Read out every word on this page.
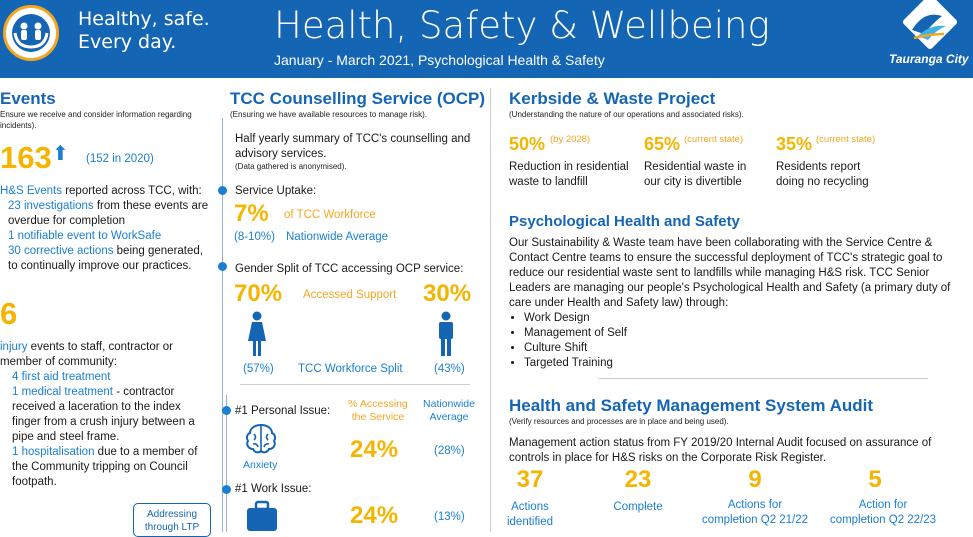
Healthy, safe.
Every day.	Health, Safety & Wellbeing
January - March 2021, Psychological Health & Safety	Tauranga City
Events
Ensure we receive and consider information regarding
incidents).
163 ⬆ (152 in 2020)
H&S Events reported across TCC, with:
23 investigations from these events are
overdue for completion
1 notifiable event to WorkSafe
30 corrective actions being generated,
to continually improve our practices.
6
injury events to staff, contractor or
member of community:
4 first aid treatment
1 medical treatment - contractor
received a laceration to the index
finger from a crush injury between a
pipe and steel frame.
1 hospitalisation due to a member of
the Community tripping on Council
footpath.
Addressing
through LTP
TCC Counselling Service (OCP)
(Ensuring we have available resources to manage risk).
Half yearly summary of TCC's counselling and
advisory services.
(Data gathered is anonymised).
Service Uptake:
7% of TCC Workforce
(8-10%) Nationwide Average
Gender Split of TCC accessing OCP service:
70% Accessed Support 30%
(57%) TCC Workforce Split	(43%)
#1 Personal Issue:
% Accessing
the Service
Nationwide
Average
Anxiety
24%	(28%)
#1 Work Issue:
24%	(13%)
Kerbside & Waste Project
(Understanding the nature of our operations and associated risks).
50% (by 2028)
Reduction in residential
waste to landfill
65% (current state)
Residential waste in
our city is divertible
35% (current state)
Residents report
doing no recycling
Psychological Health and Safety
Our Sustainability & Waste team have been collaborating with the Service Centre &
Contact Centre teams to ensure the successful deployment of TCC's strategic goal to
reduce our residential waste sent to landfills while managing H&S risk. TCC Senior
Leaders are managing our people's Psychological Health and Safety (a primary duty of
care under Health and Safety law) through:
• Work Design
• Management of Self
• Culture Shift
• Targeted Training
Health and Safety Management System Audit
(Verify resources and processes are in place and being used).
Management action status from FY 2019/20 Internal Audit focused on assurance of
controls in place for H&S risks on the Corporate Risk Register.
37
Actions
identified
23
Complete
9
Actions for
completion Q2 21/22
5
Action for
completion Q2 22/23
